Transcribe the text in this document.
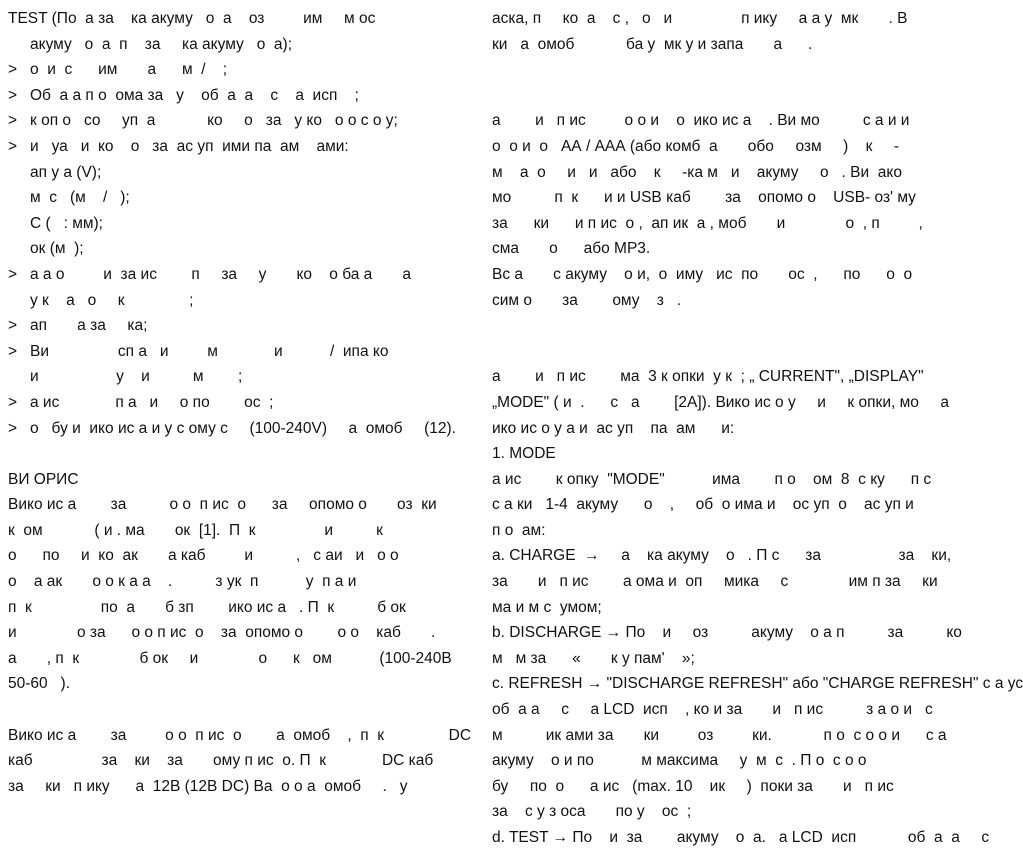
TEST (По  а за    ка акуму   о  а    оз         им     м ос
акуму   о  а  п    за     ка акуму   о  а);
> о  и  с      им       а      м  /    ;
> Об  а а п о  ома за   у    об  а  а    с    а  исп    ;
> к оп о   со     уп  а            ко     о   за   у ко   о о с о у;
> и   уа   и  ко    о   за  ас уп  ими па  ам    ами:
ап у а (V);
м  с   (м    /   );
С (   : мм);
ок (м  );
> а а о         и  за ис        п     за     у       ко    о ба а       а
у к    а   о     к               ;
> ап       а за     ка;
> Ви                сп а   и         м             и           /  ипа ко
и                  у    и          м        ;
> а ис             п а   и     о по        ос  ;
> о   бу и  ико ис а и у с ому с     (100-240V)     а  омоб     (12).
ВИ ОРИС
Вико ис а        за          о о  п ис  о      за     опомо о       оз  ки
к  ом            ( и . ма       ок  [1].  П  к                и          к
о      по     и  ко  ак       а каб         и          ,   с аи   и   о о
о    а ак       о о к а а    .          з ук  п           у  п а и
п  к                по  а       б зп        ико ис а   . П  к          б ок
и              о за      о о п ис  о    за  опомо о        о о    каб       .
а       , п  к              б ок     и              о      к   ом           (100-240В
50-60   ).
Вико ис а        за         о о  п ис  о        а  омоб    ,  п  к               DC
каб                за    ки    за       ому п ис  о. П  к             DC каб
за     ки   п ику      а  12В (12В DC) Ва  о о а  омоб     .   у
аска, п     ко  а    с ,   о   и                п ику     а а у  мк       . В
ки   а  омоб            ба у  мк у и запа       а      .
а        и   п ис         о о и    о  ико ис а    . Ви мо          с а и и
о  о и  о   АА / ААА (або комб  а       обо     озм     )    к     -
м    а  о     и   и   або    к     -ка м   и    акуму     о   . Ви  ако
мо          п  к      и и USB каб        за    опомо о    USB- оз' му
за      ки      и п ис  о ,  ап ик  а , моб       и              о  , п         ,
сма       о      або MP3.
Вс а       с акуму    о и,  о  иму   ис  по       ос  ,      по      о  о
сим о       за        ому    з   .
а        и   п ис        ма  3 к опки  у к  ; „ CURRENT", „DISPLAY"
„MODE" ( и  .      с   а        [2А]). Вико ис о у     и     к опки, мо     а
ико ис о у а и  ас уп    па  ам      и:
1. MODE
а ис        к опку  "MODE"           има        п о    ом  8  с ку      п с
с а ки   1-4  акуму      о    ,     об  о има и    ос уп  о    ас уп и
п о  ам:
a. CHARGE  →     а    ка акуму    о   . П с      за                  за    ки,
за       и   п ис        а ома и  оп     мика     с              им п за     ки
ма и м с  умом;
b. DISCHARGE → По    и     оз          акуму    о а п          за          ко
м   м за      «       к у пам'    »;
c. REFRESH → "DISCHARGE REFRESH" або "CHARGE REFRESH" с а ус
об  а а     с     а LCD  исп    , ко и за       и   п ис          з а о и   с
м          ик ами за       ки         оз         ки.            п о  с о о и      с а
акуму    о и по           м максима     у  м  с  . П о  с о о
бу     по  о      а ис   (max. 10    ик     )  поки за       и   п ис
за    с у з оса       по у    ос  ;
d. TEST → По    и  за        акуму    о  а.   а LCD  исп            об  а  а     с
